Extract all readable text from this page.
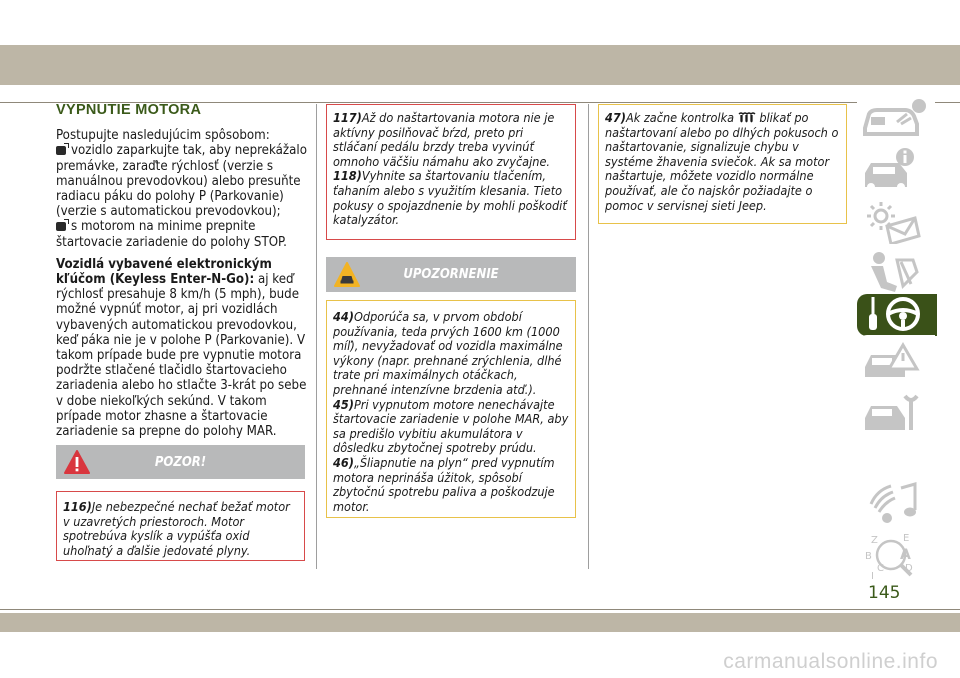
VYPNUTIE MOTORA

Postupujte nasledujúcim spôsobom:

vozidlo zaparkujte tak, aby neprekážalo premávke, zaraďte rýchlosť (verzie s manuálnou prevodovkou) alebo presuňte radiacu páku do polohy P (Parkovanie) (verzie s automatickou prevodovkou);

s motorom na minime prepnite štartovacie zariadenie do polohy STOP.

Vozidlá vybavené elektronickým kľúčom (Keyless Enter-N-Go): aj keď rýchlosť presahuje 8 km/h (5 mph), bude možné vypnúť motor, aj pri vozidlách vybavených automatickou prevodovkou, keď páka nie je v polohe P (Parkovanie). V takom prípade bude pre vypnutie motora podržte stlačené tlačidlo štartovacieho zariadenia alebo ho stlačte 3-krát po sebe v dobe niekoľkých sekúnd. V takom prípade motor zhasne a štartovacie zariadenie sa prepne do polohy MAR.

POZOR!
116)Je nebezpečné nechať bežať motor v uzavretých priestoroch. Motor spotrebúva kyslík a vypúšťa oxid uhoľnatý a ďalšie jedovaté plyny.
117)Až do naštartovania motora nie je aktívny posilňovač bŕzd, preto pri stláčaní pedálu brzdy treba vyvinúť omnoho väčšiu námahu ako zvyčajne.
118)Vyhnite sa štartovaniu tlačením, ťahaním alebo s využitím klesania. Tieto pokusy o spojazdnenie by mohli poškodiť katalyzátor.
UPOZORNENIE
44)Odporúča sa, v prvom období používania, teda prvých 1600 km (1000 míľ), nevyžadovať od vozidla maximálne výkony (napr. prehnané zrýchlenia, dlhé trate pri maximálnych otáčkach, prehnané intenzívne brzdenia atď.).
45)Pri vypnutom motore nenechávajte štartovacie zariadenie v polohe MAR, aby sa predišlo vybitiu akumulátora v dôsledku zbytočnej spotreby prúdu.
46)„Šliapnutie na plyn“ pred vypnutím motora neprináša úžitok, spôsobí zbytočnú spotrebu paliva a poškodzuje motor.
47)Ak začne kontrolka blikať po naštartovaní alebo po dlhých pokusoch o naštartovanie, signalizuje chybu v systéme žhavenia sviečok. Ak sa motor naštartuje, môžete vozidlo normálne používať, ale čo najskôr požiadajte o pomoc v servisnej sieti Jeep.
Z	E
B A
C D
I
145
carmanualsonline.info
